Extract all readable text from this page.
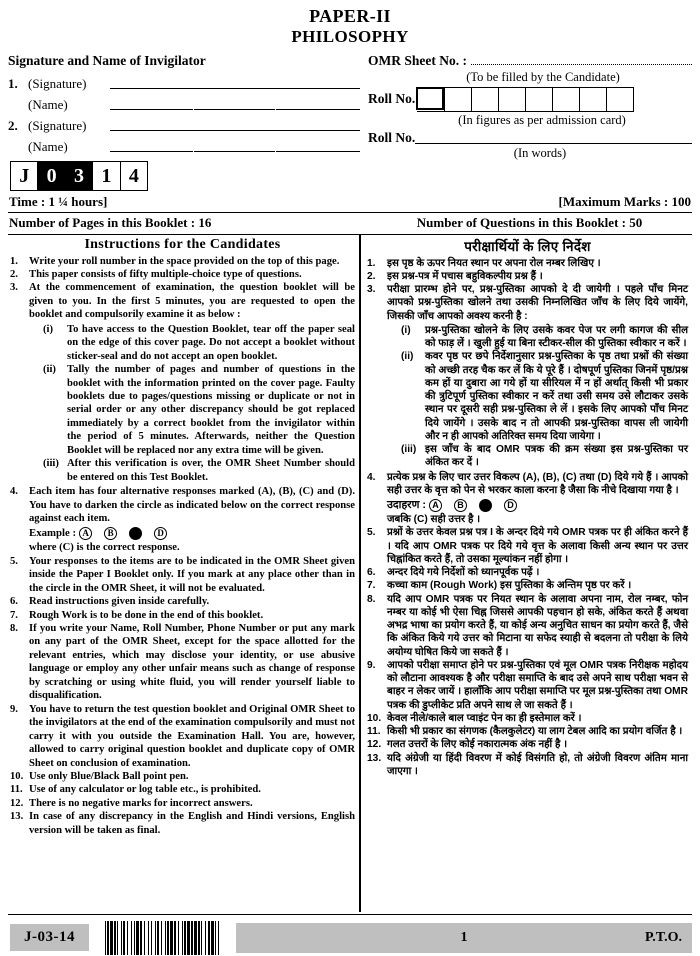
PAPER-II
PHILOSOPHY
Signature and Name of Invigilator
1. (Signature)
(Name)
2. (Signature)
(Name)
J 0 3 1 4
OMR Sheet No. :
(To be filled by the Candidate)
Roll No.
(In figures as per admission card)
Roll No.
(In words)
Time : 1 ¼ hours]	[Maximum Marks : 100
Number of Pages in this Booklet : 16	Number of Questions in this Booklet : 50
Instructions for the Candidates
1.	Write your roll number in the space provided on the top of this page.
2.	This paper consists of fifty multiple-choice type of questions.
3.	At the commencement of examination, the question booklet will be given to you. In the first 5 minutes, you are requested to open the booklet and compulsorily examine it as below :
(i)	To have access to the Question Booklet, tear off the paper seal on the edge of this cover page. Do not accept a booklet without sticker-seal and do not accept an open booklet.
(ii)	Tally the number of pages and number of questions in the booklet with the information printed on the cover page. Faulty booklets due to pages/questions missing or duplicate or not in serial order or any other discrepancy should be got replaced immediately by a correct booklet from the invigilator within the period of 5 minutes. Afterwards, neither the Question Booklet will be replaced nor any extra time will be given.
(iii) After this verification is over, the OMR Sheet Number should be entered on this Test Booklet.
4.	Each item has four alternative responses marked (A), (B), (C) and (D). You have to darken the circle as indicated below on the correct response against each item.
Example : A	B	C	D
where (C) is the correct response.
5.	Your responses to the items are to be indicated in the OMR Sheet given inside the Paper I Booklet only. If you mark at any place other than in the circle in the OMR Sheet, it will not be evaluated.
6.	Read instructions given inside carefully.
7.	Rough Work is to be done in the end of this booklet.
8.	If you write your Name, Roll Number, Phone Number or put any mark on any part of the OMR Sheet, except for the space allotted for the relevant entries, which may disclose your identity, or use abusive language or employ any other unfair means such as change of response by scratching or using white fluid, you will render yourself liable to disqualification.
9.	You have to return the test question booklet and Original OMR Sheet to the invigilators at the end of the examination compulsorily and must not carry it with you outside the Examination Hall. You are, however, allowed to carry original question booklet and duplicate copy of OMR Sheet on conclusion of examination.
10. Use only Blue/Black Ball point pen.
11. Use of any calculator or log table etc., is prohibited.
12. There is no negative marks for incorrect answers.
13. In case of any discrepancy in the English and Hindi versions, English version will be taken as final.
परीक्षार्थियों के लिए निर्देश
1.	इस पृष्ठ के ऊपर नियत स्थान पर अपना रोल नम्बर लिखिए ।
2.	इस प्रश्न-पत्र में पचास बहुविकल्पीय प्रश्न हैं ।
3.	परीक्षा प्रारम्भ होने पर, प्रश्न-पुस्तिका आपको दे दी जायेगी । पहले पाँच मिनट आपको प्रश्न-पुस्तिका खोलने तथा उसकी निम्नलिखित जाँच के लिए दिये जायेंगे, जिसकी जाँच आपको अवश्य करनी है :
(i)	प्रश्न-पुस्तिका खोलने के लिए उसके कवर पेज पर लगी कागज की सील को फाड़ लें । खुली हुई या बिना स्टीकर-सील की पुस्तिका स्वीकार न करें ।
(ii)	कवर पृष्ठ पर छपे निर्देशानुसार प्रश्न-पुस्तिका के पृष्ठ तथा प्रश्नों की संख्या को अच्छी तरह चैक कर लें कि ये पूरे हैं । दोषपूर्ण पुस्तिका जिनमें पृष्ठ/प्रश्न कम हों या दुबारा आ गये हों या सीरियल में न हों अर्थात् किसी भी प्रकार की त्रुटिपूर्ण पुस्तिका स्वीकार न करें तथा उसी समय उसे लौटाकर उसके स्थान पर दूसरी सही प्रश्न-पुस्तिका ले लें । इसके लिए आपको पाँच मिनट दिये जायेंगे । उसके बाद न तो आपकी प्रश्न-पुस्तिका वापस ली जायेगी और न ही आपको अतिरिक्त समय दिया जायेगा ।
(iii) इस जाँच के बाद OMR पत्रक की क्रम संख्या इस प्रश्न-पुस्तिका पर अंकित कर दें ।
4.	प्रत्येक प्रश्न के लिए चार उत्तर विकल्प (A), (B), (C) तथा (D) दिये गये हैं । आपको सही उत्तर के वृत्त को पेन से भरकर काला करना है जैसा कि नीचे दिखाया गया है ।
उदाहरण : A	B	C	D
जबकि (C) सही उत्तर है ।
5.	प्रश्नों के उत्तर केवल प्रश्न पत्र I के अन्दर दिये गये OMR पत्रक पर ही अंकित करने हैं । यदि आप OMR पत्रक पर दिये गये वृत्त के अलावा किसी अन्य स्थान पर उत्तर चिह्नांकित करते हैं, तो उसका मूल्यांकन नहीं होगा ।
6.	अन्दर दिये गये निर्देशों को ध्यानपूर्वक पढ़ें ।
7.	कच्चा काम (Rough Work) इस पुस्तिका के अन्तिम पृष्ठ पर करें ।
8.	यदि आप OMR पत्रक पर नियत स्थान के अलावा अपना नाम, रोल नम्बर, फोन नम्बर या कोई भी ऐसा चिह्न जिससे आपकी पहचान हो सके, अंकित करते हैं अथवा अभद्र भाषा का प्रयोग करते हैं, या कोई अन्य अनुचित साधन का प्रयोग करते हैं, जैसे कि अंकित किये गये उत्तर को मिटाना या सफेद स्याही से बदलना तो परीक्षा के लिये अयोग्य घोषित किये जा सकते हैं ।
9.	आपको परीक्षा समाप्त होने पर प्रश्न-पुस्तिका एवं मूल OMR पत्रक निरीक्षक महोदय को लौटाना आवश्यक है और परीक्षा समाप्ति के बाद उसे अपने साथ परीक्षा भवन से बाहर न लेकर जायें । हालाँकि आप परीक्षा समाप्ति पर मूल प्रश्न-पुस्तिका तथा OMR पत्रक की डुप्लीकेट प्रति अपने साथ ले जा सकते हैं ।
10. केवल नीले/काले बाल प्वाइंट पेन का ही इस्तेमाल करें ।
11. किसी भी प्रकार का संगणक (कैलकुलेटर) या लाग टेबल आदि का प्रयोग वर्जित है ।
12. गलत उत्तरों के लिए कोई नकारात्मक अंक नहीं है ।
13. यदि अंग्रेजी या हिंदी विवरण में कोई विसंगति हो, तो अंग्रेजी विवरण अंतिम माना जाएगा ।
J-03-14	1	P.T.O.
